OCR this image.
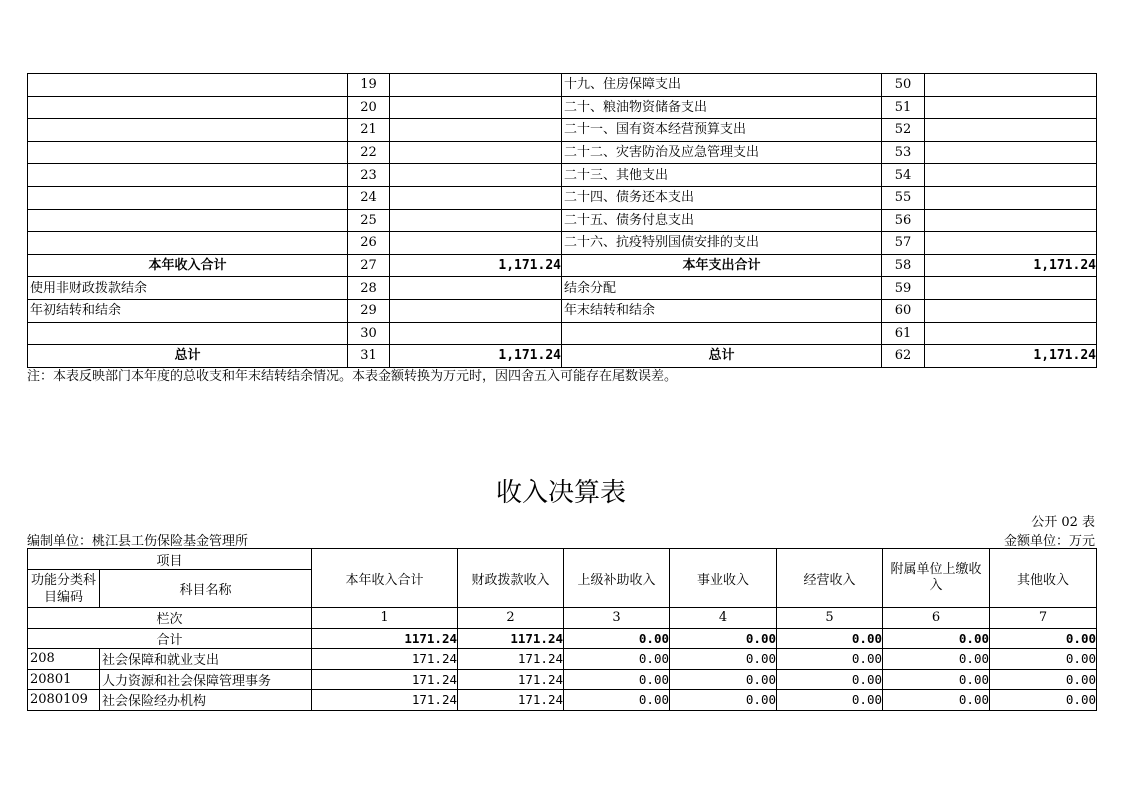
	19		十九、住房保障支出	50	
	20		二十、粮油物资储备支出	51	
	21		二十一、国有资本经营预算支出	52	
	22		二十二、灾害防治及应急管理支出	53	
	23		二十三、其他支出	54	
	24		二十四、债务还本支出	55	
	25		二十五、债务付息支出	56	
	26		二十六、抗疫特别国债安排的支出	57	
本年收入合计	27	1,171.24	本年支出合计	58	1,171.24
使用非财政拨款结余	28		结余分配	59	
年初结转和结余	29		年末结转和结余	60	
	30			61	
总计	31	1,171.24	总计	62	1,171.24
注：本表反映部门本年度的总收支和年末结转结余情况。本表金额转换为万元时，因四舍五入可能存在尾数误差。
收入决算表
公开 02 表
编制单位：桃江县工伤保险基金管理所	金额单位：万元
项目		本年收入合计	财政拨款收入	上级补助收入	事业收入	经营收入	附属单位上缴收入	其他收入
功能分类科目编码	科目名称							
栏次		1	2	3	4	5	6	7
合计		1171.24	1171.24	0.00	0.00	0.00	0.00	0.00
208	社会保障和就业支出	171.24	171.24	0.00	0.00	0.00	0.00	0.00
20801	人力资源和社会保障管理事务	171.24	171.24	0.00	0.00	0.00	0.00	0.00
2080109	社会保险经办机构	171.24	171.24	0.00	0.00	0.00	0.00	0.00
